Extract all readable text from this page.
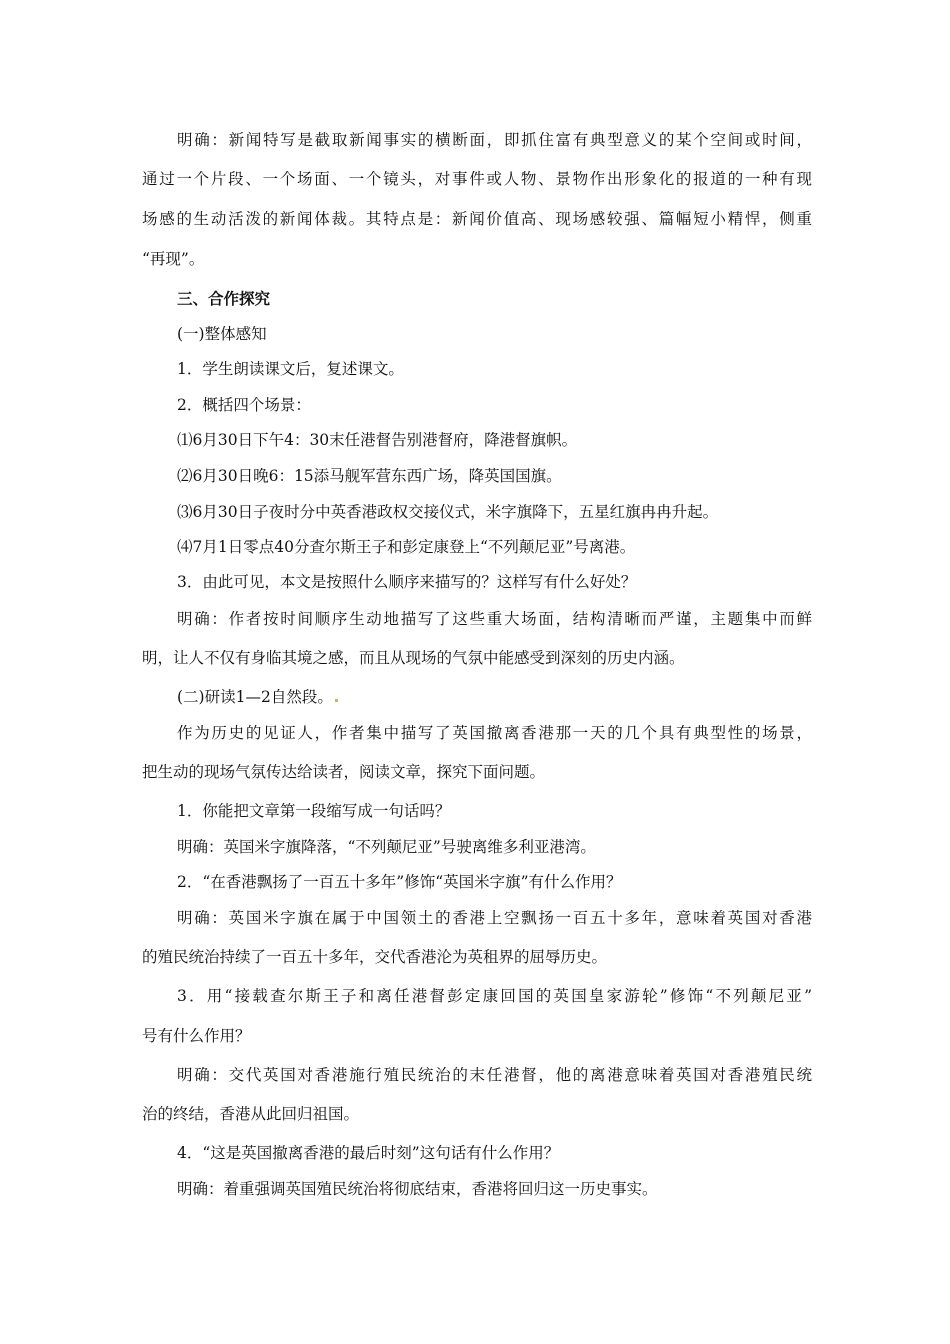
明确：新闻特写是截取新闻事实的横断面，即抓住富有典型意义的某个空间或时间，
通过一个片段、一个场面、一个镜头，对事件或人物、景物作出形象化的报道的一种有现
场感的生动活泼的新闻体裁。其特点是：新闻价值高、现场感较强、篇幅短小精悍，侧重
“再现”。
三、合作探究
(一)整体感知
1．学生朗读课文后，复述课文。
2．概括四个场景：
⑴6月30日下午4：30末任港督告别港督府，降港督旗帜。
⑵6月30日晚6：15添马舰军营东西广场，降英国国旗。
⑶6月30日子夜时分中英香港政权交接仪式，米字旗降下，五星红旗冉冉升起。
⑷7月1日零点40分查尔斯王子和彭定康登上“不列颠尼亚”号离港。
3．由此可见，本文是按照什么顺序来描写的？这样写有什么好处？
明确：作者按时间顺序生动地描写了这些重大场面，结构清晰而严谨，主题集中而鲜
明，让人不仅有身临其境之感，而且从现场的气氛中能感受到深刻的历史内涵。
(二)研读1—2自然段。
作为历史的见证人，作者集中描写了英国撤离香港那一天的几个具有典型性的场景，
把生动的现场气氛传达给读者，阅读文章，探究下面问题。
1．你能把文章第一段缩写成一句话吗？
明确：英国米字旗降落，“不列颠尼亚”号驶离维多利亚港湾。
2．“在香港飘扬了一百五十多年”修饰“英国米字旗”有什么作用？
明确：英国米字旗在属于中国领土的香港上空飘扬一百五十多年，意味着英国对香港
的殖民统治持续了一百五十多年，交代香港沦为英租界的屈辱历史。
3．用“接载查尔斯王子和离任港督彭定康回国的英国皇家游轮”修饰“不列颠尼亚”
号有什么作用？
明确：交代英国对香港施行殖民统治的末任港督，他的离港意味着英国对香港殖民统
治的终结，香港从此回归祖国。
4．“这是英国撤离香港的最后时刻”这句话有什么作用？
明确：着重强调英国殖民统治将彻底结束，香港将回归这一历史事实。
